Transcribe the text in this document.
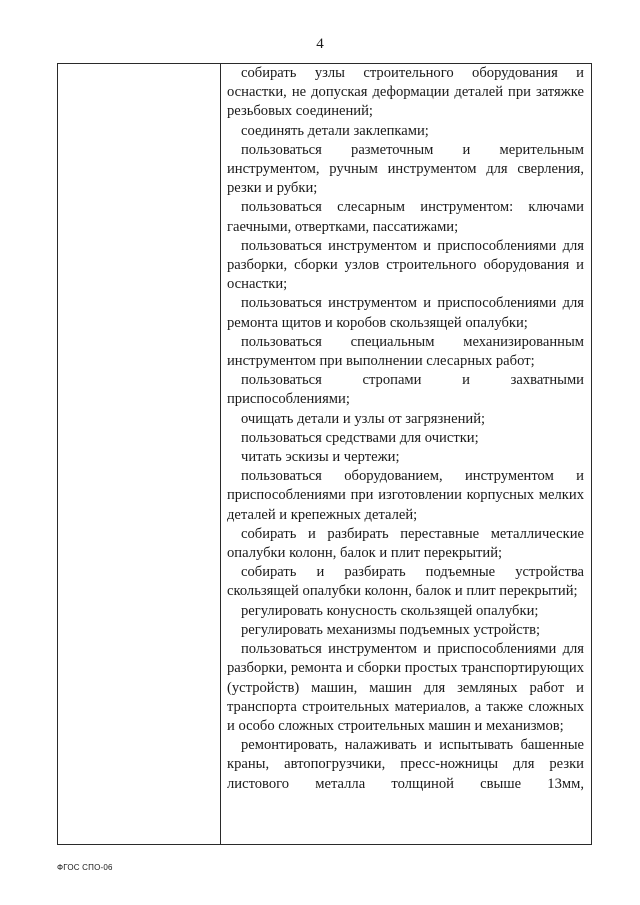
4

собирать узлы строительного оборудования и оснастки, не допуская деформации деталей при затяжке резьбовых соединений;

соединять детали заклепками;

пользоваться разметочным и мерительным инструментом, ручным инструментом для сверления, резки и рубки;

пользоваться слесарным инструментом: ключами гаечными, отвертками, пассатижами;

пользоваться инструментом и приспособлениями для разборки, сборки узлов строительного оборудования и оснастки;

пользоваться инструментом и приспособлениями для ремонта щитов и коробов скользящей опалубки;

пользоваться специальным механизированным инструментом при выполнении слесарных работ;

пользоваться стропами и захватными приспособлениями;

очищать детали и узлы от загрязнений;

пользоваться средствами для очистки;

читать эскизы и чертежи;

пользоваться оборудованием, инструментом и приспособлениями при изготовлении корпусных мелких деталей и крепежных деталей;

собирать и разбирать переставные металлические опалубки колонн, балок и плит перекрытий;

собирать и разбирать подъемные устройства скользящей опалубки колонн, балок и плит перекрытий;

регулировать конусность скользящей опалубки;

регулировать механизмы подъемных устройств;

пользоваться инструментом и приспособлениями для разборки, ремонта и сборки простых транспортирующих (устройств) машин, машин для земляных работ и транспорта строительных материалов, а также сложных и особо сложных строительных машин и механизмов;

ремонтировать, налаживать и испытывать башенные краны, автопогрузчики, пресс-ножницы для резки листового металла толщиной свыше 13мм,

ФГОС СПО-06
